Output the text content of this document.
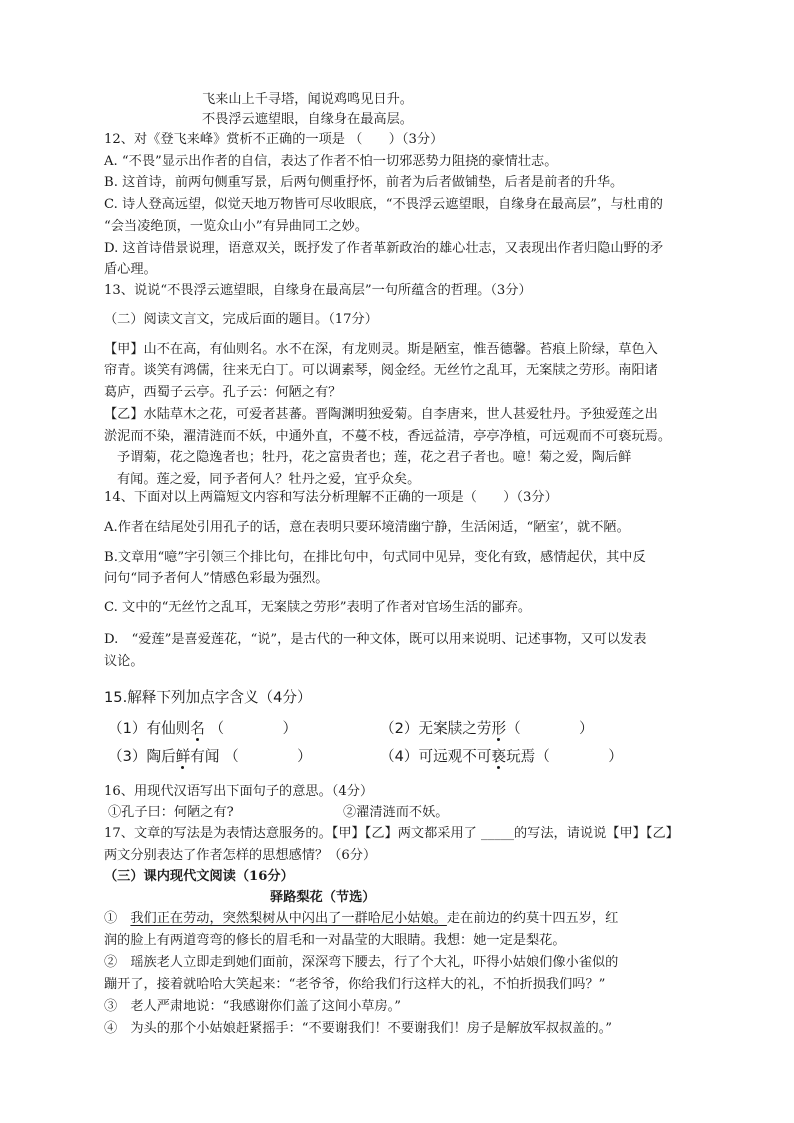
飞来山上千寻塔，闻说鸡鸣见日升。
不畏浮云遮望眼，自缘身在最高层。
12、对《登飞来峰》赏析不正确的一项是 （　　）（3分）
A. “不畏”显示出作者的自信，表达了作者不怕一切邪恶势力阻挠的豪情壮志。
B. 这首诗，前两句侧重写景，后两句侧重抒怀，前者为后者做铺垫，后者是前者的升华。
C. 诗人登高远望，似觉天地万物皆可尽收眼底，“不畏浮云遮望眼，自缘身在最高层”，与杜甫的
“会当凌绝顶，一览众山小”有异曲同工之妙。
D. 这首诗借景说理，语意双关，既抒发了作者革新政治的雄心壮志，又表现出作者归隐山野的矛
盾心理。
13、说说“不畏浮云遮望眼，自缘身在最高层”一句所蕴含的哲理。（3分）
（二）阅读文言文，完成后面的题目。（17分）
【甲】山不在高，有仙则名。水不在深，有龙则灵。斯是陋室，惟吾德馨。苔痕上阶绿，草色入
帘青。谈笑有鸿儒，往来无白丁。可以调素琴，阅金经。无丝竹之乱耳，无案牍之劳形。南阳诸
葛庐，西蜀子云亭。孔子云：何陋之有？
【乙】水陆草木之花，可爱者甚蕃。晋陶渊明独爱菊。自李唐来，世人甚爱牡丹。予独爱莲之出
淤泥而不染，濯清涟而不妖，中通外直，不蔓不枝，香远益清，亭亭净植，可远观而不可亵玩焉。
予谓菊，花之隐逸者也；牡丹，花之富贵者也；莲，花之君子者也。噫！菊之爱，陶后鲜
有闻。莲之爱，同予者何人？牡丹之爱，宜乎众矣。
14、下面对以上两篇短文内容和写法分析理解不正确的一项是（　　）（3分）
A.作者在结尾处引用孔子的话，意在表明只要环境清幽宁静，生活闲适，“陋室’，就不陋。
B.文章用“噫”字引领三个排比句，在排比句中，句式同中见异，变化有致，感情起伏，其中反
问句“同予者何人”情感色彩最为强烈。
C. 文中的“无丝竹之乱耳，无案牍之劳形”表明了作者对官场生活的鄙弃。
D.　“爱莲”是喜爱莲花，“说”，是古代的一种文体，既可以用来说明、记述事物，又可以发表
议论。
15.解释下列加点字含义（4分）
（1）有仙则名 （　　　　）	（2）无案牍之劳形（　　　　）
（3）陶后鲜有闻 （　　　　）	（4）可远观不可亵玩焉（　　　　）
16、用现代汉语写出下面句子的意思。（4分）
①孔子曰：何陋之有?	②濯清涟而不妖。
17、文章的写法是为表情达意服务的。【甲】【乙】两文都采用了 _____的写法，请说说【甲】【乙】
两文分别表达了作者怎样的思想感情？（6分）
（三）课内现代文阅读（16分）
驿路梨花（节选）
①　 我们正在劳动，突然梨树从中闪出了一群哈尼小姑娘。走在前边的约莫十四五岁，红
润的脸上有两道弯弯的修长的眉毛和一对晶莹的大眼睛。我想：她一定是梨花。
②　瑶族老人立即走到她们面前，深深弯下腰去，行了个大礼，吓得小姑娘们像小雀似的
蹦开了，接着就哈哈大笑起来：“老爷爷，你给我们行这样大的礼，不怕折损我们吗？”
③　老人严肃地说：“我感谢你们盖了这间小草房。”
④　为头的那个小姑娘赶紧摇手：“不要谢我们！不要谢我们！房子是解放军叔叔盖的。”
